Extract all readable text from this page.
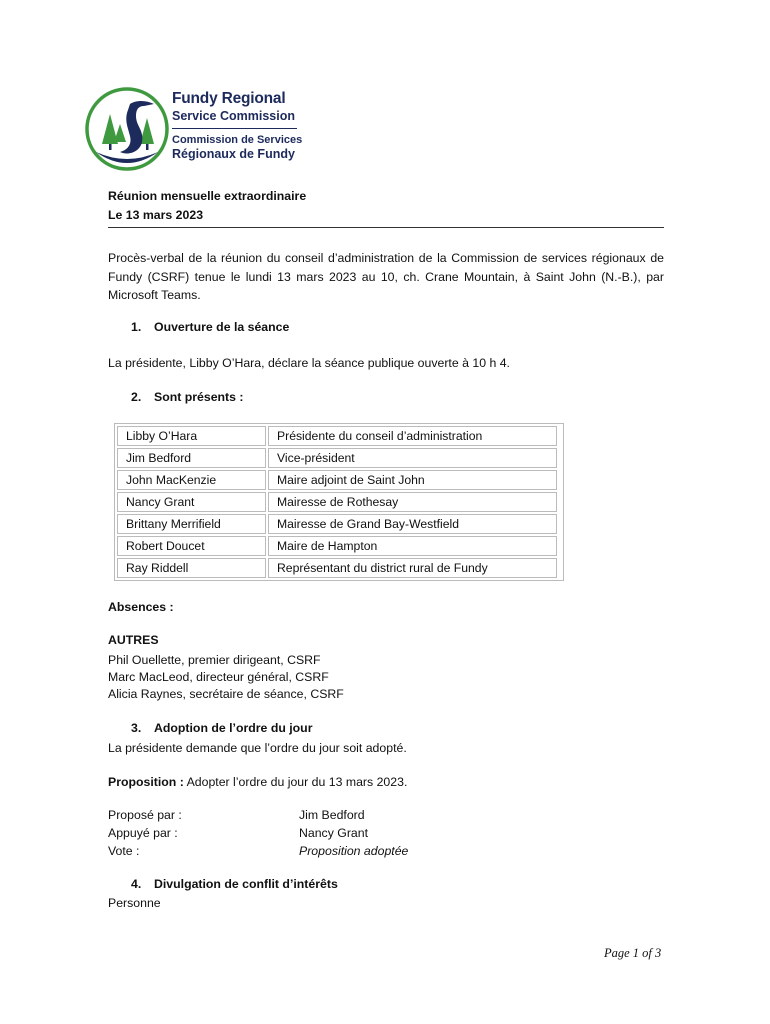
Fundy Regional
Service Commission
Commission de Services
Régionaux de Fundy
Réunion mensuelle extraordinaire
Le 13 mars 2023
Procès-verbal de la réunion du conseil d’administration de la Commission de services régionaux de Fundy (CSRF) tenue le lundi 13 mars 2023 au 10, ch. Crane Mountain, à Saint John (N.-B.), par Microsoft Teams.
1. Ouverture de la séance
La présidente, Libby O’Hara, déclare la séance publique ouverte à 10 h 4.
2. Sont présents :
Libby O’Hara	Présidente du conseil d’administration
Jim Bedford	Vice-président
John MacKenzie	Maire adjoint de Saint John
Nancy Grant	Mairesse de Rothesay
Brittany Merrifield	Mairesse de Grand Bay-Westfield
Robert Doucet	Maire de Hampton
Ray Riddell	Représentant du district rural de Fundy
Absences :
AUTRES
Phil Ouellette, premier dirigeant, CSRF
Marc MacLeod, directeur général, CSRF
Alicia Raynes, secrétaire de séance, CSRF
3. Adoption de l’ordre du jour
La présidente demande que l’ordre du jour soit adopté.
Proposition : Adopter l’ordre du jour du 13 mars 2023.
Proposé par :	Jim Bedford
Appuyé par :	Nancy Grant
Vote :	Proposition adoptée
4. Divulgation de conflit d’intérêts
Personne
Page 1 of 3
